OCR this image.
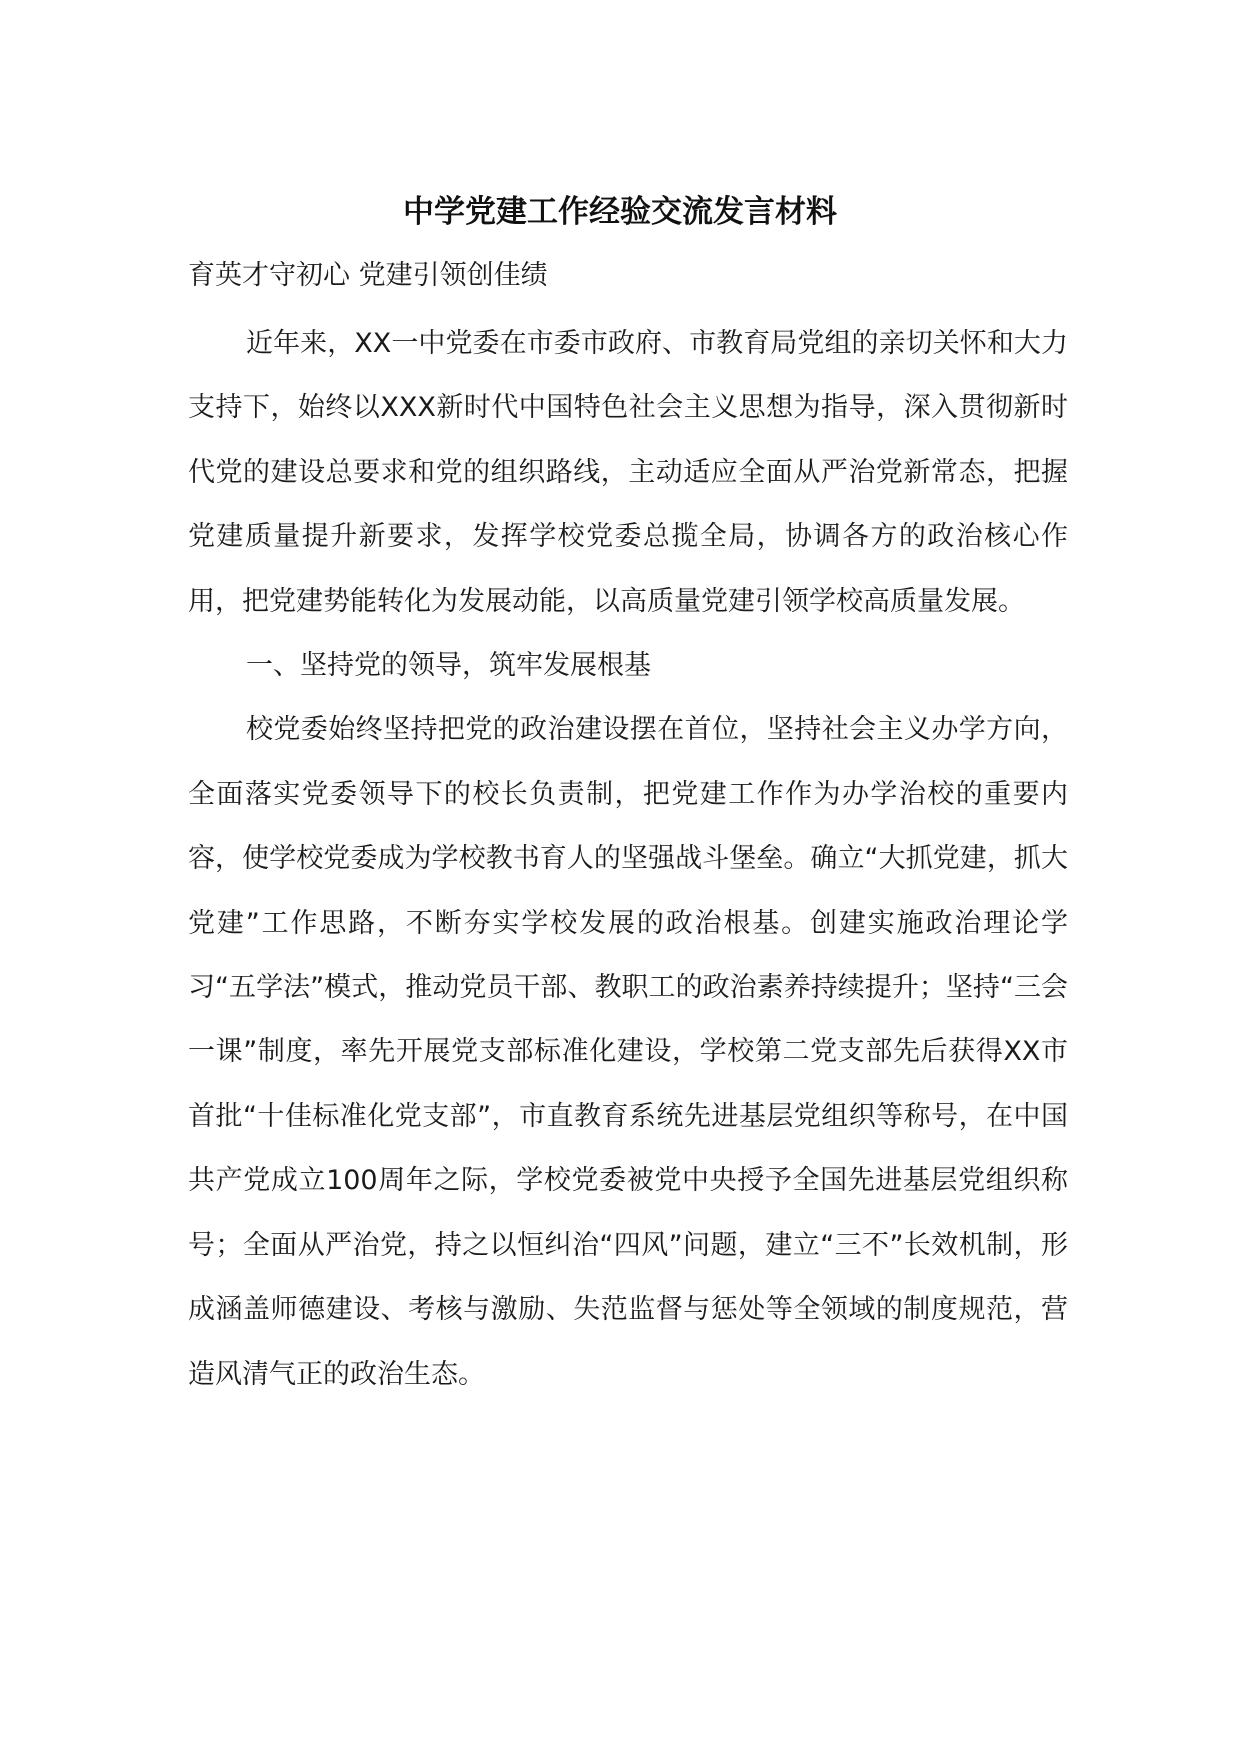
中学党建工作经验交流发言材料

育英才守初心 党建引领创佳绩

近年来，XX一中党委在市委市政府、市教育局党组的亲切关怀和大力支持下，始终以XXX新时代中国特色社会主义思想为指导，深入贯彻新时代党的建设总要求和党的组织路线，主动适应全面从严治党新常态，把握党建质量提升新要求，发挥学校党委总揽全局，协调各方的政治核心作用，把党建势能转化为发展动能，以高质量党建引领学校高质量发展。

一、坚持党的领导，筑牢发展根基

校党委始终坚持把党的政治建设摆在首位，坚持社会主义办学方向，全面落实党委领导下的校长负责制，把党建工作作为办学治校的重要内容，使学校党委成为学校教书育人的坚强战斗堡垒。确立“大抓党建，抓大党建”工作思路，不断夯实学校发展的政治根基。创建实施政治理论学习“五学法”模式，推动党员干部、教职工的政治素养持续提升；坚持“三会一课”制度，率先开展党支部标准化建设，学校第二党支部先后获得XX市首批“十佳标准化党支部”，市直教育系统先进基层党组织等称号，在中国共产党成立100周年之际，学校党委被党中央授予全国先进基层党组织称号；全面从严治党，持之以恒纠治“四风”问题，建立“三不”长效机制，形成涵盖师德建设、考核与激励、失范监督与惩处等全领域的制度规范，营造风清气正的政治生态。
